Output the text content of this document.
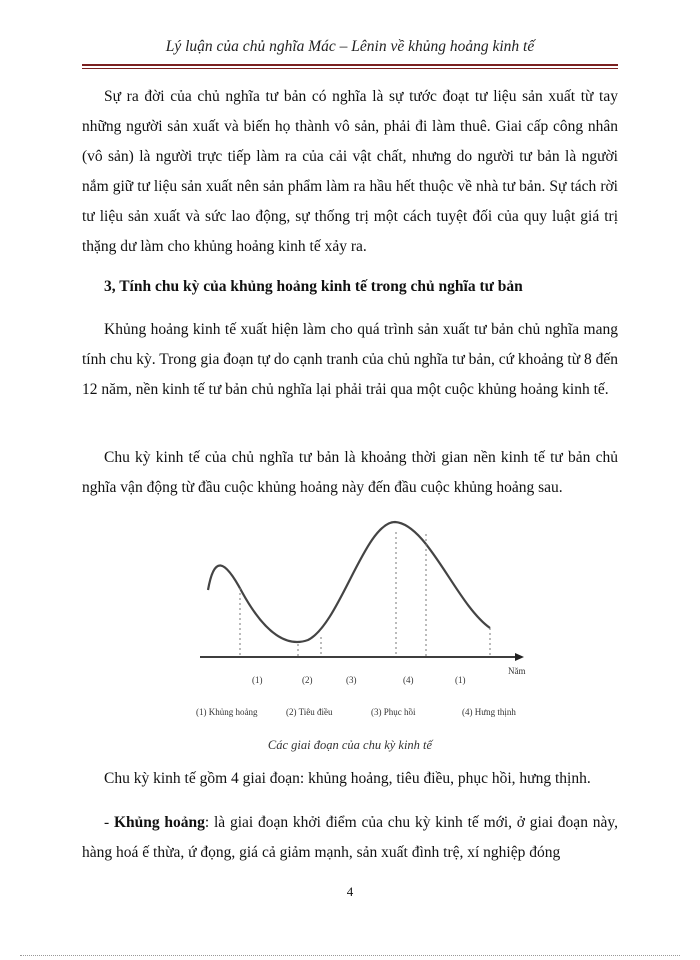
Lý luận của chủ nghĩa Mác – Lênin về khủng hoảng kinh tế
Sự ra đời của chủ nghĩa tư bản có nghĩa là sự tước đoạt tư liệu sản xuất từ tay những người sản xuất và biến họ thành vô sản, phải đi làm thuê. Giai cấp công nhân (vô sản) là người trực tiếp làm ra của cải vật chất, nhưng do người tư bản là người nắm giữ tư liệu sản xuất nên sản phẩm làm ra hầu hết thuộc về nhà tư bản. Sự tách rời tư liệu sản xuất và sức lao động, sự thống trị một cách tuyệt đối của quy luật giá trị thặng dư làm cho khủng hoảng kinh tế xảy ra.
3, Tính chu kỳ của khủng hoảng kinh tế trong chủ nghĩa tư bản
Khủng hoảng kinh tế xuất hiện làm cho quá trình sản xuất tư bản chủ nghĩa mang tính chu kỳ. Trong gia đoạn tự do cạnh tranh của chủ nghĩa tư bản, cứ khoảng từ 8 đến 12 năm, nền kinh tế tư bản chủ nghĩa lại phải trải qua một cuộc khủng hoảng kinh tế.
Chu kỳ kinh tế của chủ nghĩa tư bản là khoảng thời gian nền kinh tế tư bản chủ nghĩa vận động từ đầu cuộc khủng hoảng này đến đầu cuộc khủng hoảng sau.
Năm
(1)	(2)	(3)	(4)	(1)
(1) Khủng hoảng	(2) Tiêu điều	(3) Phục hồi	(4) Hưng thịnh
Các giai đoạn của chu kỳ kinh tế
Chu kỳ kinh tế gồm 4 giai đoạn: khủng hoảng, tiêu điều, phục hồi, hưng thịnh.
- Khủng hoảng: là giai đoạn khởi điểm của chu kỳ kinh tế mới, ở giai đoạn này, hàng hoá ế thừa, ứ đọng, giá cả giảm mạnh, sản xuất đình trệ, xí nghiệp đóng
4
